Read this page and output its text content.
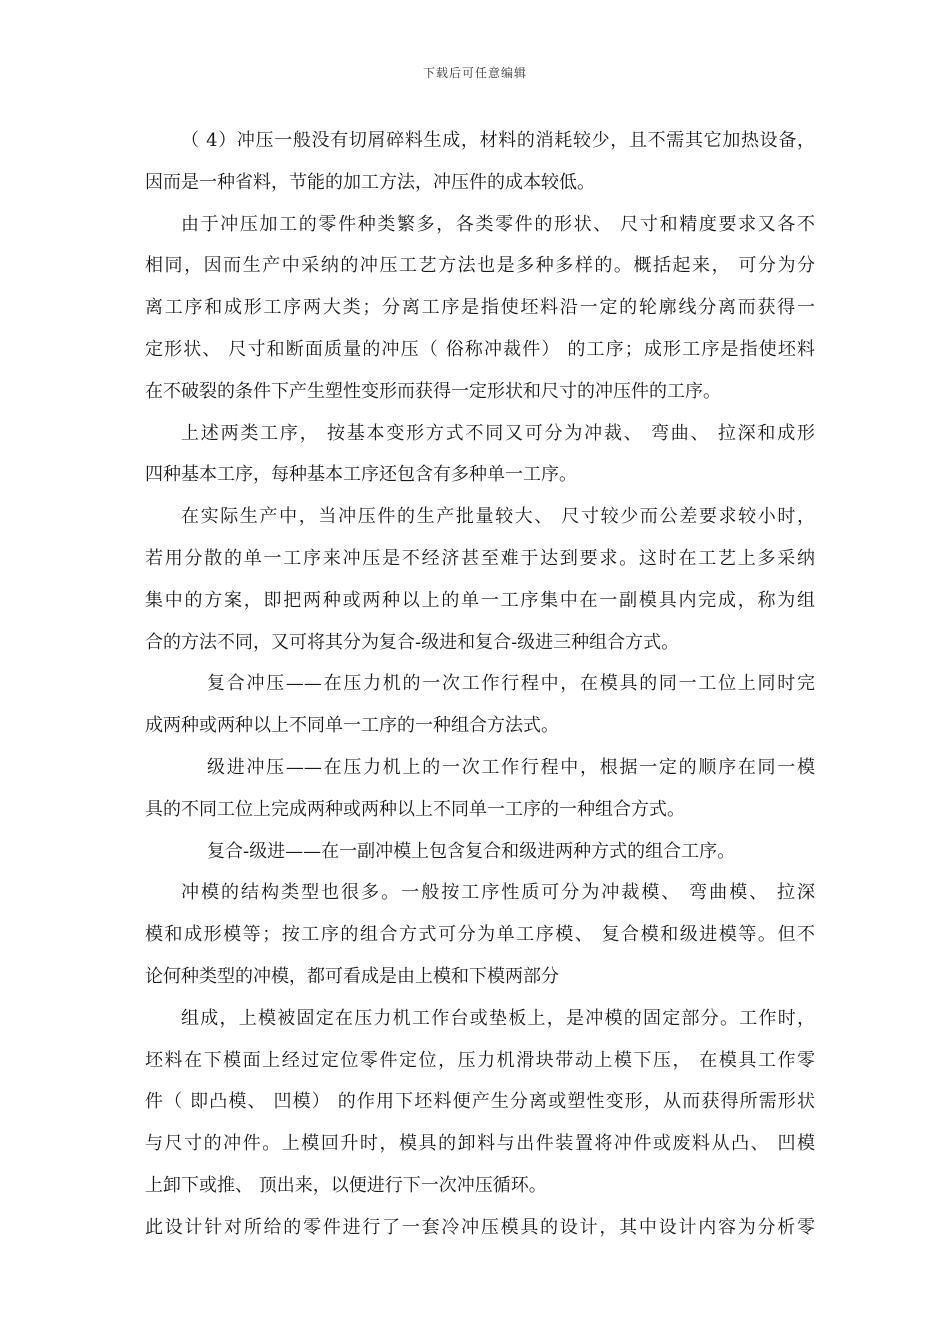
下载后可任意编辑
（ 4）冲压一般没有切屑碎料生成，材料的消耗较少，且不需其它加热设备，
因而是一种省料，节能的加工方法，冲压件的成本较低。
由于冲压加工的零件种类繁多，各类零件的形状、 尺寸和精度要求又各不
相同，因而生产中采纳的冲压工艺方法也是多种多样的。概括起来， 可分为分
离工序和成形工序两大类；分离工序是指使坯料沿一定的轮廓线分离而获得一
定形状、 尺寸和断面质量的冲压（ 俗称冲裁件） 的工序；成形工序是指使坯料
在不破裂的条件下产生塑性变形而获得一定形状和尺寸的冲压件的工序。
上述两类工序， 按基本变形方式不同又可分为冲裁、 弯曲、 拉深和成形
四种基本工序，每种基本工序还包含有多种单一工序。
在实际生产中，当冲压件的生产批量较大、 尺寸较少而公差要求较小时，
若用分散的单一工序来冲压是不经济甚至难于达到要求。这时在工艺上多采纳
集中的方案，即把两种或两种以上的单一工序集中在一副模具内完成，称为组
合的方法不同，又可将其分为复合-级进和复合-级进三种组合方式。
复合冲压——在压力机的一次工作行程中，在模具的同一工位上同时完
成两种或两种以上不同单一工序的一种组合方法式。
级进冲压——在压力机上的一次工作行程中，根据一定的顺序在同一模
具的不同工位上完成两种或两种以上不同单一工序的一种组合方式。
复合-级进——在一副冲模上包含复合和级进两种方式的组合工序。
冲模的结构类型也很多。一般按工序性质可分为冲裁模、 弯曲模、 拉深
模和成形模等；按工序的组合方式可分为单工序模、 复合模和级进模等。但不
论何种类型的冲模，都可看成是由上模和下模两部分
组成，上模被固定在压力机工作台或垫板上，是冲模的固定部分。工作时，
坯料在下模面上经过定位零件定位，压力机滑块带动上模下压， 在模具工作零
件（ 即凸模、 凹模） 的作用下坯料便产生分离或塑性变形，从而获得所需形状
与尺寸的冲件。上模回升时，模具的卸料与出件装置将冲件或废料从凸、 凹模
上卸下或推、 顶出来，以便进行下一次冲压循环。
此设计针对所给的零件进行了一套冷冲压模具的设计，其中设计内容为分析零
